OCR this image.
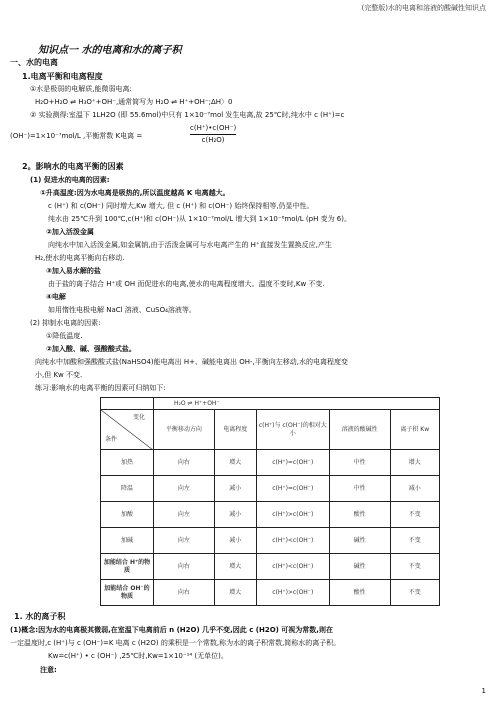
(完整版)水的电离和溶液的酸碱性知识点
知识点一 水的电离和水的离子积
一、水的电离
1.电离平衡和电离程度
①水是极弱的电解质,能微弱电离:
H₂O+H₂O ⇌ H₃O⁺+OH⁻,通常简写为 H₂O ⇌ H⁺+OH⁻;ΔH〉0
② 实验测得:室温下 1LH2O (即 55.6mol)中只有 1×10⁻⁷mol 发生电离,故 25℃时,纯水中 c (H⁺)=c
(OH⁻)=1×10⁻⁷mol/L ,平衡常数 K电离 =
c(H⁺)•c(OH⁻)
c(H₂O)
2。影响水的电离平衡的因素
(1) 促进水的电离的因素:
①升高温度:因为水电离是吸热的,所以温度越高 K 电离越大。
c (H⁺) 和 c(OH⁻) 同时增大,Kw 增大, 但 c (H⁺) 和 c(OH⁻) 始终保持相等,仍显中性。
纯水由 25℃升到 100℃,c(H⁺)和 c(OH⁻)从 1×10⁻⁷mol/L 增大到 1×10⁻⁶mol/L (pH 变为 6)。
②加入活泼金属
向纯水中加入活泼金属,如金属钠,由于活泼金属可与水电离产生的 H⁺直接发生置换反应,产生
H₂,使水的电离平衡向右移动.
③加入易水解的盐
由于盐的离子结合 H⁺或 OH 而促进水的电离,使水的电离程度增大。温度不变时,Kw 不变.
④电解
如用惰性电极电解 NaCl 溶液、CuSO₄溶液等。
(2) 抑制水电离的因素:
①降低温度.
②加入酸、碱、强酸酸式盐。
向纯水中加酸和强酸酸式盐(NaHSO4)能电离出 H+、碱能电离出 OH-,平衡向左移动,水的电离程度变
小,但 Kw 不变.
练习:影响水的电离平衡的因素可归纳如下:
	H₂O ⇌ H⁺+OH⁻				

变化
条件	平衡移动方向	电离程度	c(H⁺)与 c(OH⁻)的相对大小	溶液的酸碱性	离子积 Kw
加热	向右	增大	c(H⁺)=c(OH⁻)	中性	增大
降温	向左	减小	c(H⁺)=c(OH⁻)	中性	减小
加酸	向左	减小	c(H⁺)>c(OH⁻)	酸性	不变
加碱	向左	减小	c(H⁺)<c(OH⁻)	碱性	不变
加能结合 H⁺的物质	向右	增大	c(H⁺)<c(OH⁻)	碱性	不变
加能结合 OH⁻的物质	向右	增大	c(H⁺)>c(OH⁻)	酸性	不变
1. 水的离子积
(1)概念:因为水的电离极其微弱,在室温下电离前后 n (H2O) 几乎不变,因此 c (H2O) 可视为常数,则在
一定温度时,c (H⁺)与 c (OH⁻)=K 电离 c (H2O) 的乘积是一个常数,称为水的离子积常数,简称水的离子积。
Kw=c(H⁺) • c (OH⁻) ,25℃时,Kw=1×10⁻¹⁴ (无单位)。
注意:
1
